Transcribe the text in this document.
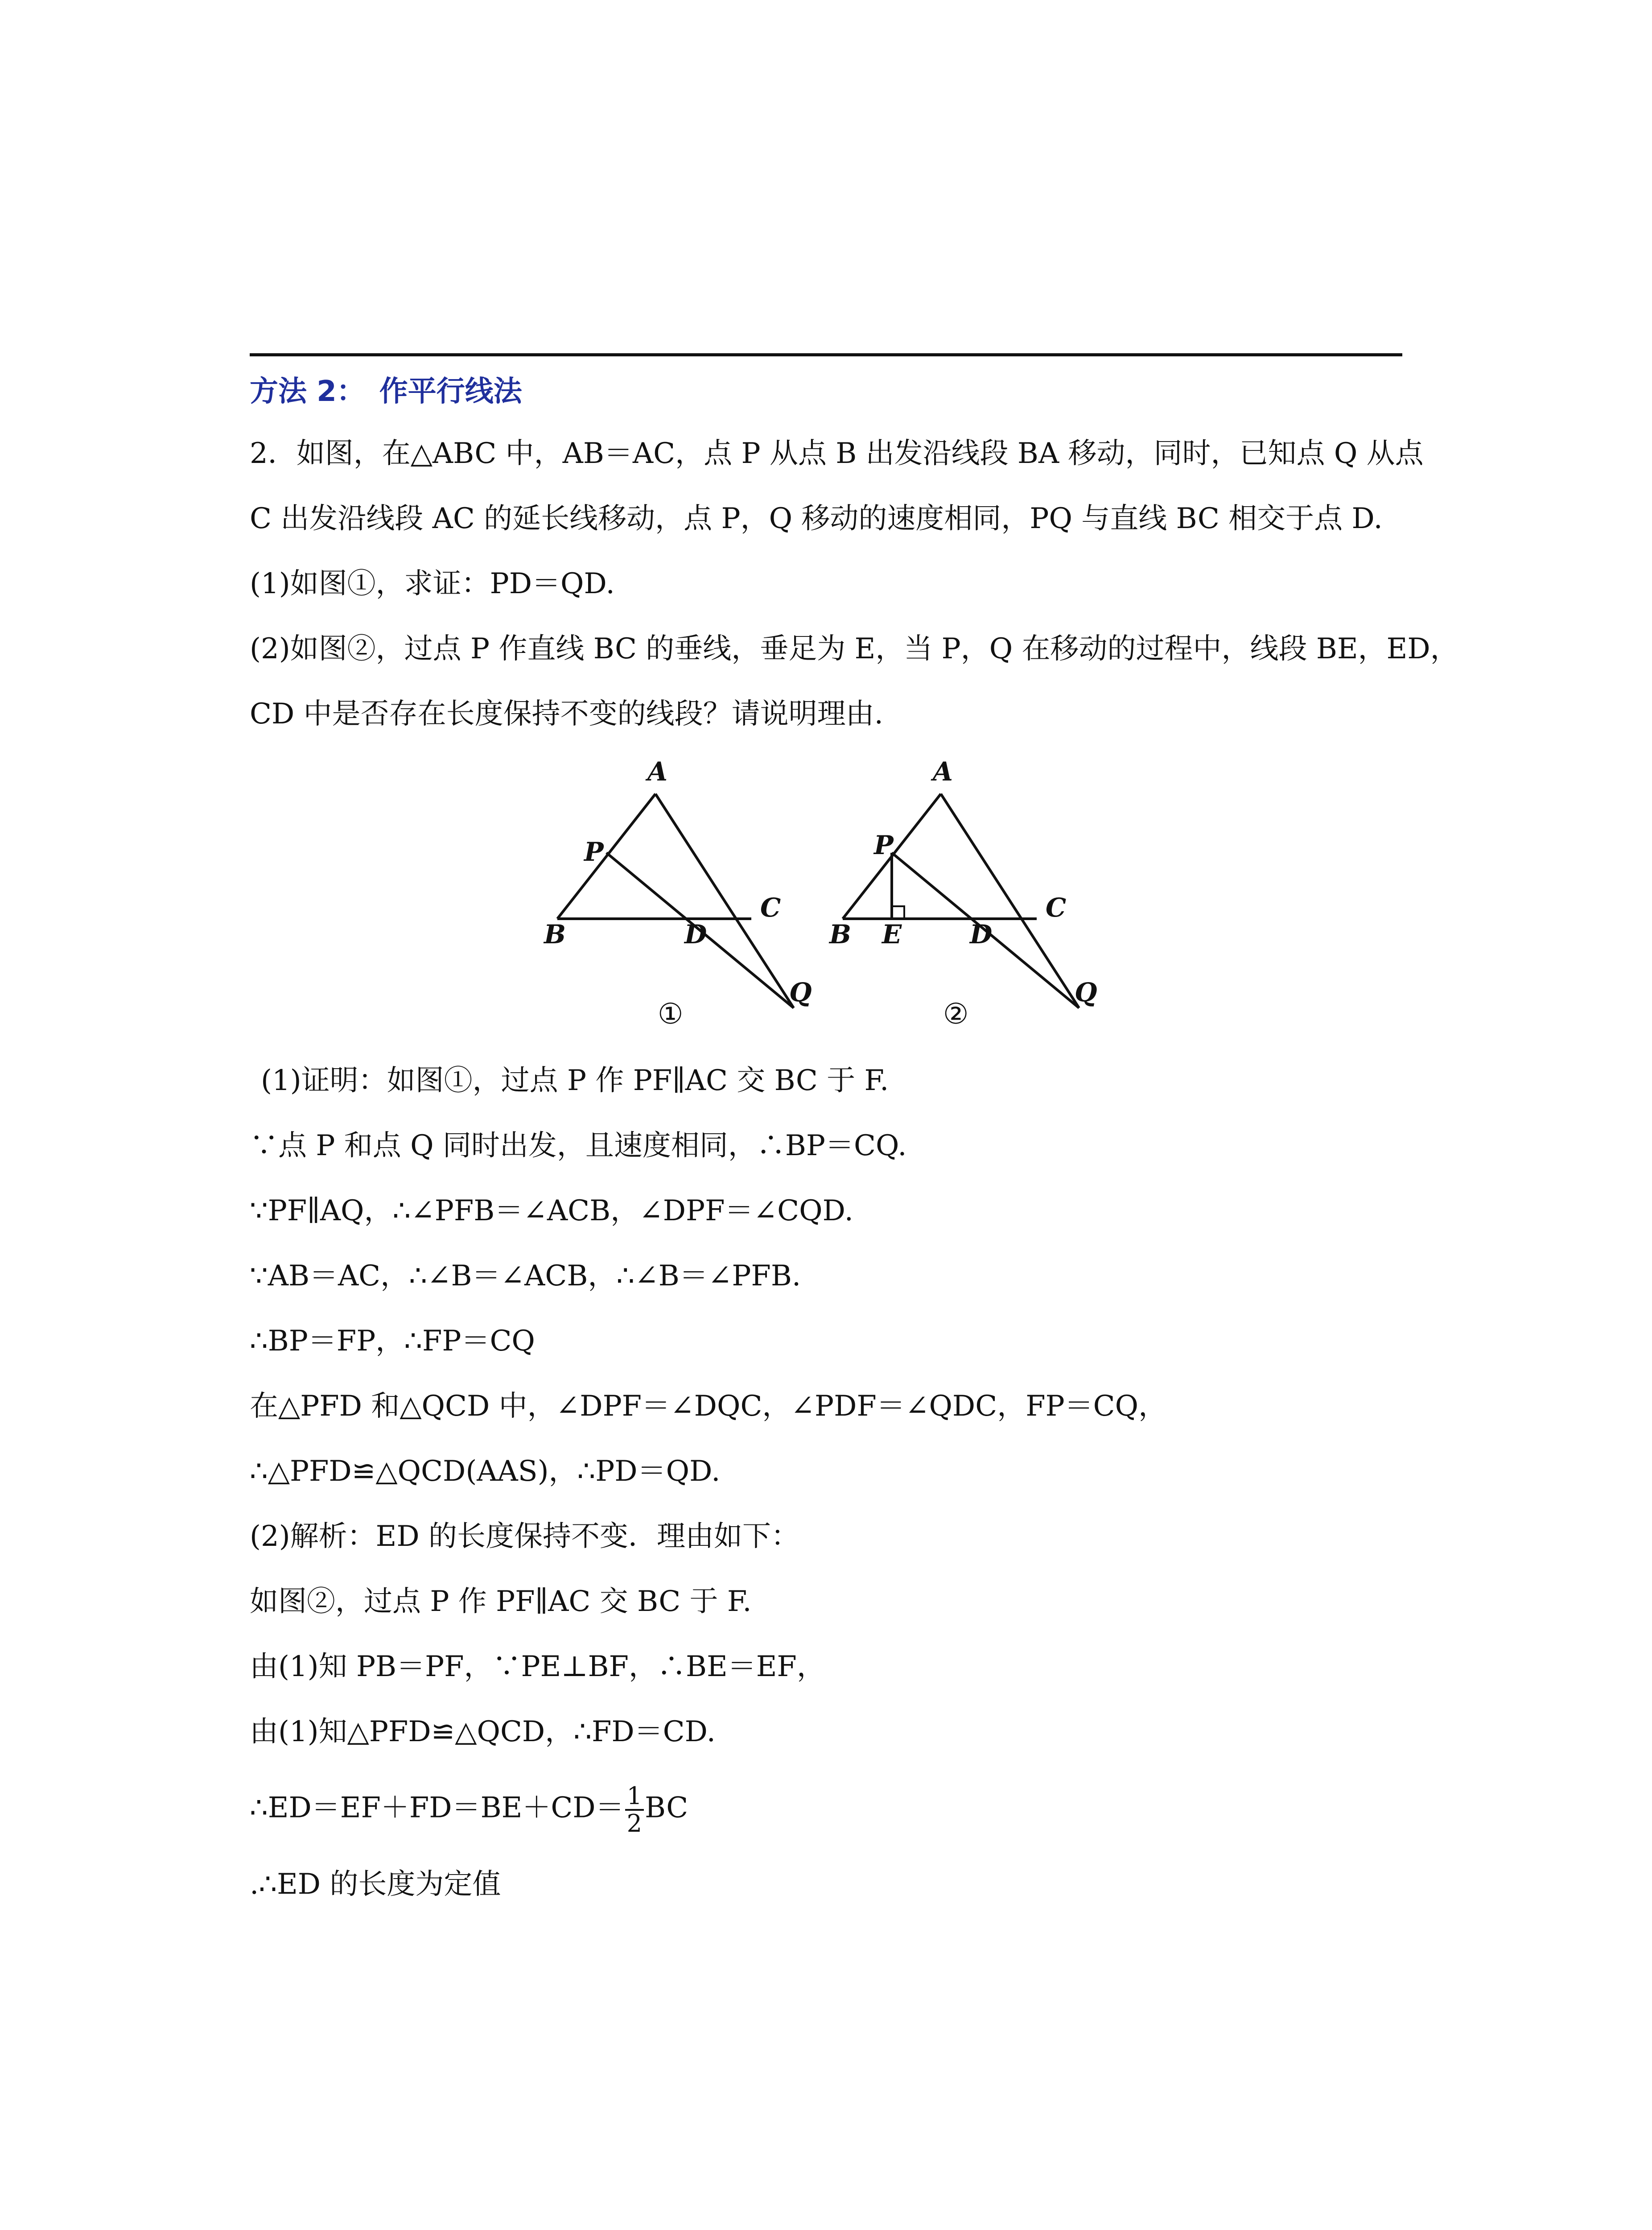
方法 2：　作平行线法
2．如图，在△ABC 中，AB＝AC，点 P 从点 B 出发沿线段 BA 移动，同时，已知点 Q 从点
C 出发沿线段 AC 的延长线移动，点 P，Q 移动的速度相同，PQ 与直线 BC 相交于点 D.
(1)如图①，求证：PD＝QD.
(2)如图②，过点 P 作直线 BC 的垂线，垂足为 E，当 P，Q 在移动的过程中，线段 BE，ED，
CD 中是否存在长度保持不变的线段？请说明理由.
A
P
C
B	D
Q
①
A
P
C
B E	D
Q
②
(1)证明：如图①，过点 P 作 PF∥AC 交 BC 于 F.
∵点 P 和点 Q 同时出发，且速度相同，∴BP＝CQ.
∵PF∥AQ，∴∠PFB＝∠ACB，∠DPF＝∠CQD.
∵AB＝AC，∴∠B＝∠ACB，∴∠B＝∠PFB.
∴BP＝FP，∴FP＝CQ
在△PFD 和△QCD 中，∠DPF＝∠DQC，∠PDF＝∠QDC，FP＝CQ，
∴△PFD≌△QCD(AAS)，∴PD＝QD.
(2)解析：ED 的长度保持不变．理由如下：
如图②，过点 P 作 PF∥AC 交 BC 于 F.
由(1)知 PB＝PF，∵PE⊥BF，∴BE＝EF，
由(1)知△PFD≌△QCD，∴FD＝CD.
∴ED＝EF＋FD＝BE＋CD＝ $\frac{1}{2}$ BC
.∴ED 的长度为定值
